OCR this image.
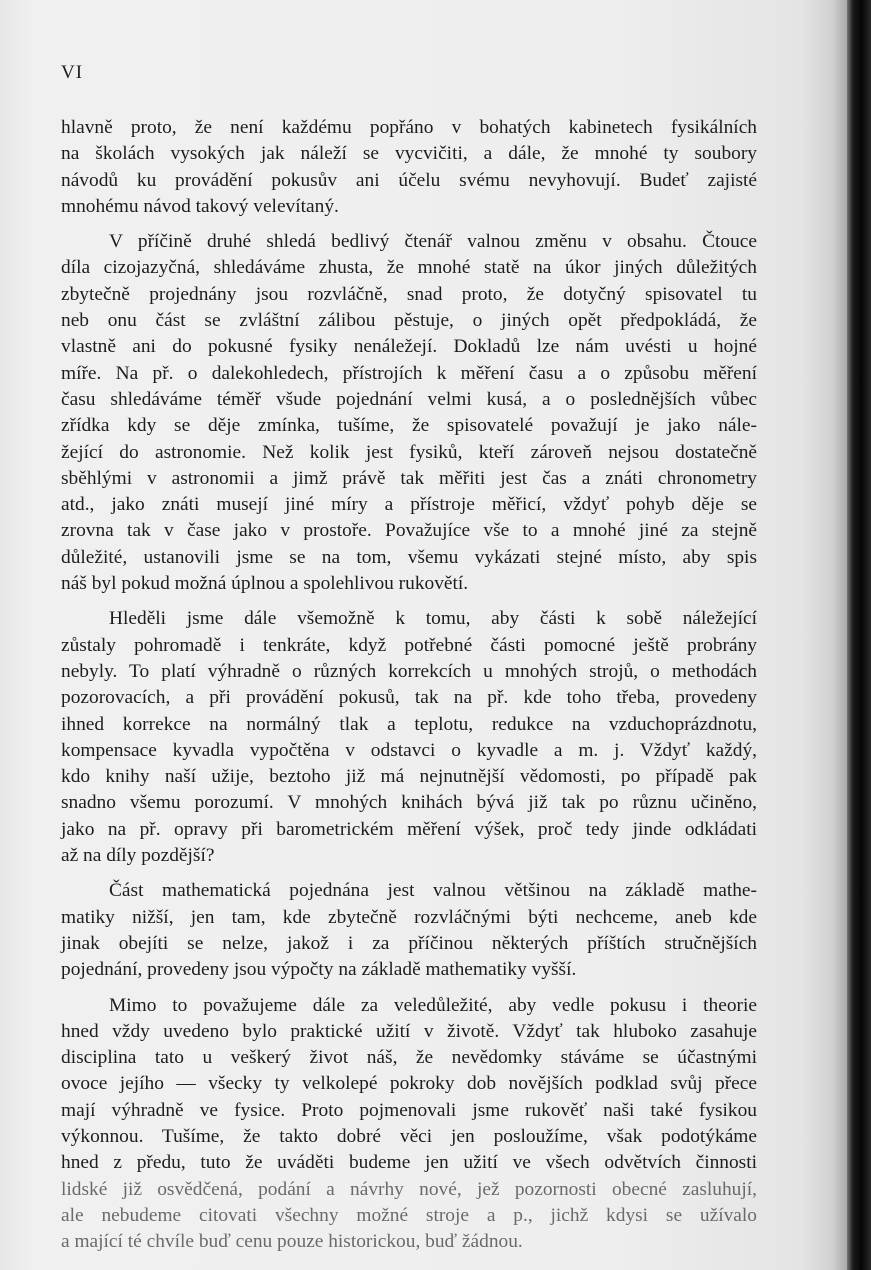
VI
hlavně proto, že není každému popřáno v bohatých kabinetech fysikálních
na školách vysokých jak náleží se vycvičiti, a dále, že mnohé ty soubory
návodů ku provádění pokusův ani účelu svému nevyhovují. Budeť zajisté
mnohému návod takový velevítaný.
V příčině druhé shledá bedlivý čtenář valnou změnu v obsahu. Čtouce
díla cizojazyčná, shledáváme zhusta, že mnohé statě na úkor jiných důležitých
zbytečně projednány jsou rozvláčně, snad proto, že dotyčný spisovatel tu
neb onu část se zvláštní zálibou pěstuje, o jiných opět předpokládá, že
vlastně ani do pokusné fysiky nenáležejí. Dokladů lze nám uvésti u hojné
míře. Na př. o dalekohledech, přístrojích k měření času a o způsobu měření
času shledáváme téměř všude pojednání velmi kusá, a o poslednějších vůbec
zřídka kdy se děje zmínka, tušíme, že spisovatelé považují je jako nále-
žející do astronomie. Než kolik jest fysiků, kteří zároveň nejsou dostatečně
sběhlými v astronomii a jimž právě tak měřiti jest čas a znáti chronometry
atd., jako znáti musejí jiné míry a přístroje měřicí, vždyť pohyb děje se
zrovna tak v čase jako v prostoře. Považujíce vše to a mnohé jiné za stejně
důležité, ustanovili jsme se na tom, všemu vykázati stejné místo, aby spis
náš byl pokud možná úplnou a spolehlivou rukovětí.
Hleděli jsme dále všemožně k tomu, aby části k sobě náležející
zůstaly pohromadě i tenkráte, když potřebné části pomocné ještě probrány
nebyly. To platí výhradně o různých korrekcích u mnohých strojů, o methodách
pozorovacích, a při provádění pokusů, tak na př. kde toho třeba, provedeny
ihned korrekce na normálný tlak a teplotu, redukce na vzduchoprázdnotu,
kompensace kyvadla vypočtěna v odstavci o kyvadle a m. j. Vždyť každý,
kdo knihy naší užije, beztoho již má nejnutnější vědomosti, po případě pak
snadno všemu porozumí. V mnohých knihách bývá již tak po různu učiněno,
jako na př. opravy při barometrickém měření výšek, proč tedy jinde odkládati
až na díly pozdější?
Část mathematická pojednána jest valnou většinou na základě mathe-
matiky nižší, jen tam, kde zbytečně rozvláčnými býti nechceme, aneb kde
jinak obejíti se nelze, jakož i za příčinou některých příštích stručnějších
pojednání, provedeny jsou výpočty na základě mathematiky vyšší.
Mimo to považujeme dále za veledůležité, aby vedle pokusu i theorie
hned vždy uvedeno bylo praktické užití v životě. Vždyť tak hluboko zasahuje
disciplina tato u veškerý život náš, že nevědomky stáváme se účastnými
ovoce jejího — všecky ty velkolepé pokroky dob novějších podklad svůj přece
mají výhradně ve fysice. Proto pojmenovali jsme rukověť naši také fysikou
výkonnou. Tušíme, že takto dobré věci jen posloužíme, však podotýkáme
hned z předu, tuto že uváděti budeme jen užití ve všech odvětvích činnosti
lidské již osvědčená, podání a návrhy nové, jež pozornosti obecné zasluhují,
ale nebudeme citovati všechny možné stroje a p., jichž kdysi se užívalo
a mající té chvíle buď cenu pouze historickou, buď žádnou.
